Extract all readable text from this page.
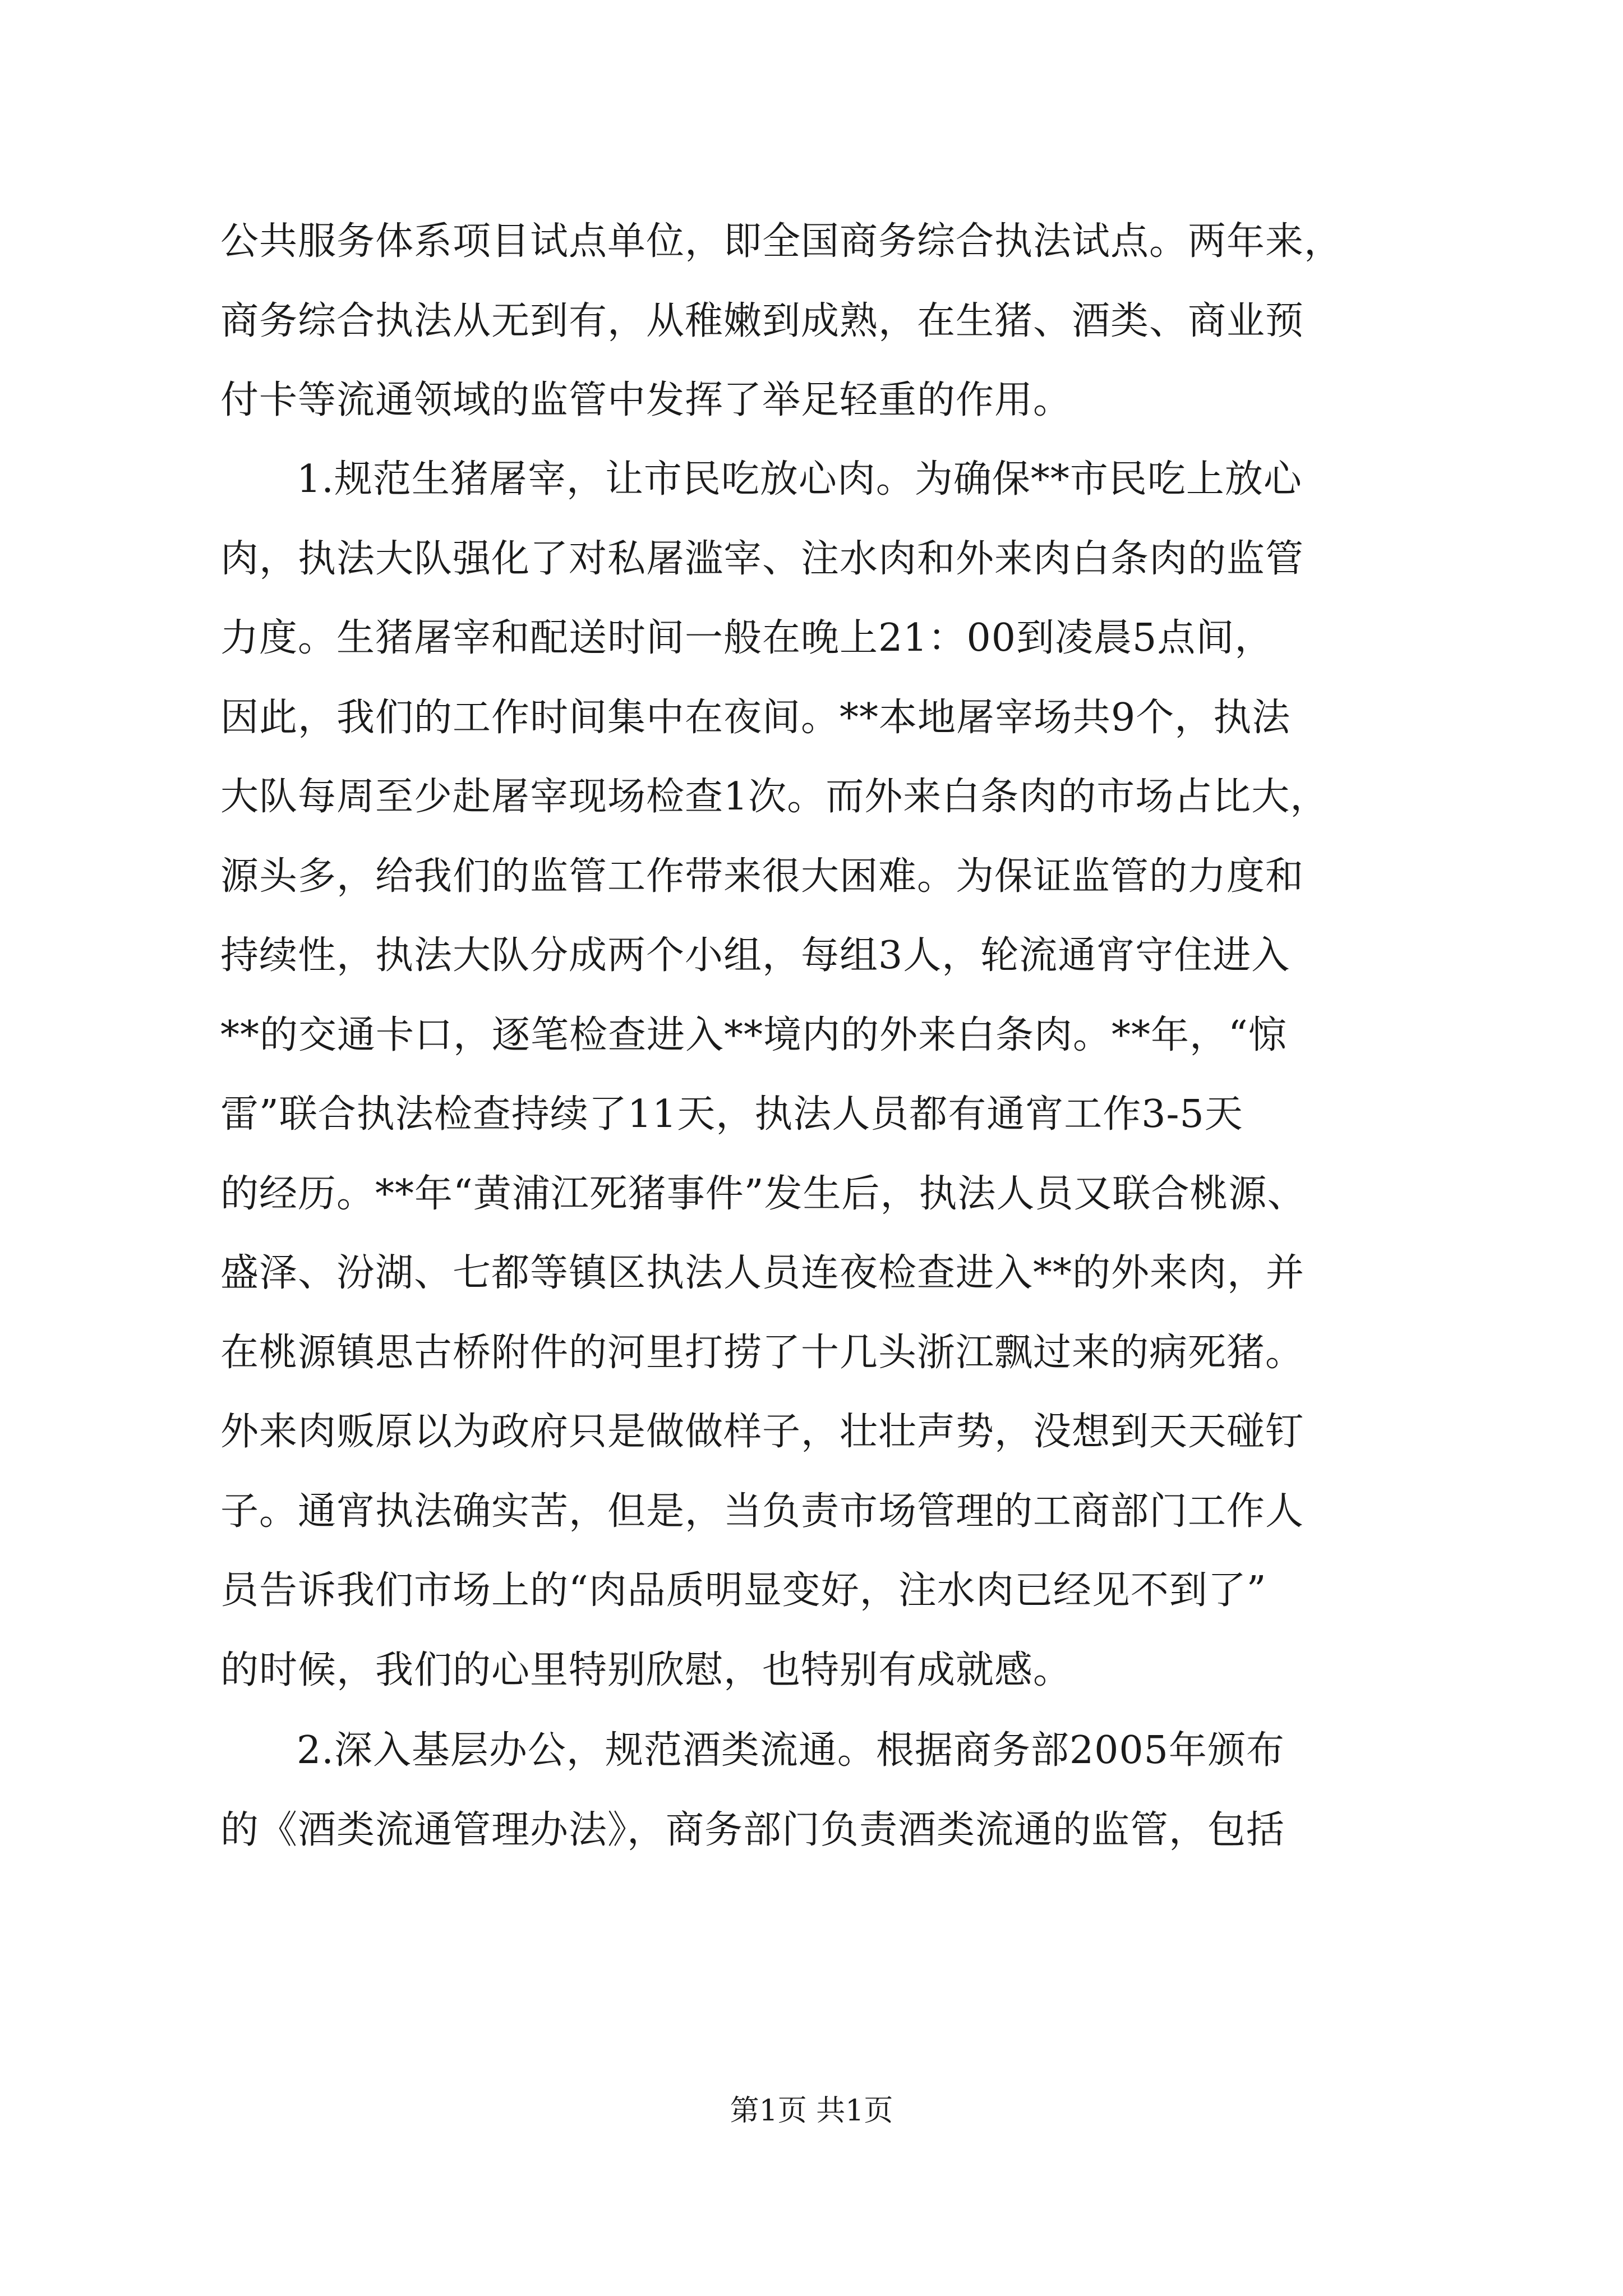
公共服务体系项目试点单位，即全国商务综合执法试点。两年来，
商务综合执法从无到有，从稚嫩到成熟，在生猪、酒类、商业预
付卡等流通领域的监管中发挥了举足轻重的作用。
1.规范生猪屠宰，让市民吃放心肉。为确保**市民吃上放心
肉，执法大队强化了对私屠滥宰、注水肉和外来肉白条肉的监管
力度。生猪屠宰和配送时间一般在晚上21：00到凌晨5点间，
因此，我们的工作时间集中在夜间。**本地屠宰场共9个，执法
大队每周至少赴屠宰现场检查1次。而外来白条肉的市场占比大，
源头多，给我们的监管工作带来很大困难。为保证监管的力度和
持续性，执法大队分成两个小组，每组3人，轮流通宵守住进入
**的交通卡口，逐笔检查进入**境内的外来白条肉。**年，“惊
雷”联合执法检查持续了11天，执法人员都有通宵工作3-5天
的经历。**年“黄浦江死猪事件”发生后，执法人员又联合桃源、
盛泽、汾湖、七都等镇区执法人员连夜检查进入**的外来肉，并
在桃源镇思古桥附件的河里打捞了十几头浙江飘过来的病死猪。
外来肉贩原以为政府只是做做样子，壮壮声势，没想到天天碰钉
子。通宵执法确实苦，但是，当负责市场管理的工商部门工作人
员告诉我们市场上的“肉品质明显变好，注水肉已经见不到了”
的时候，我们的心里特别欣慰，也特别有成就感。
2.深入基层办公，规范酒类流通。根据商务部2005年颁布
的《酒类流通管理办法》，商务部门负责酒类流通的监管，包括
第1页 共1页
